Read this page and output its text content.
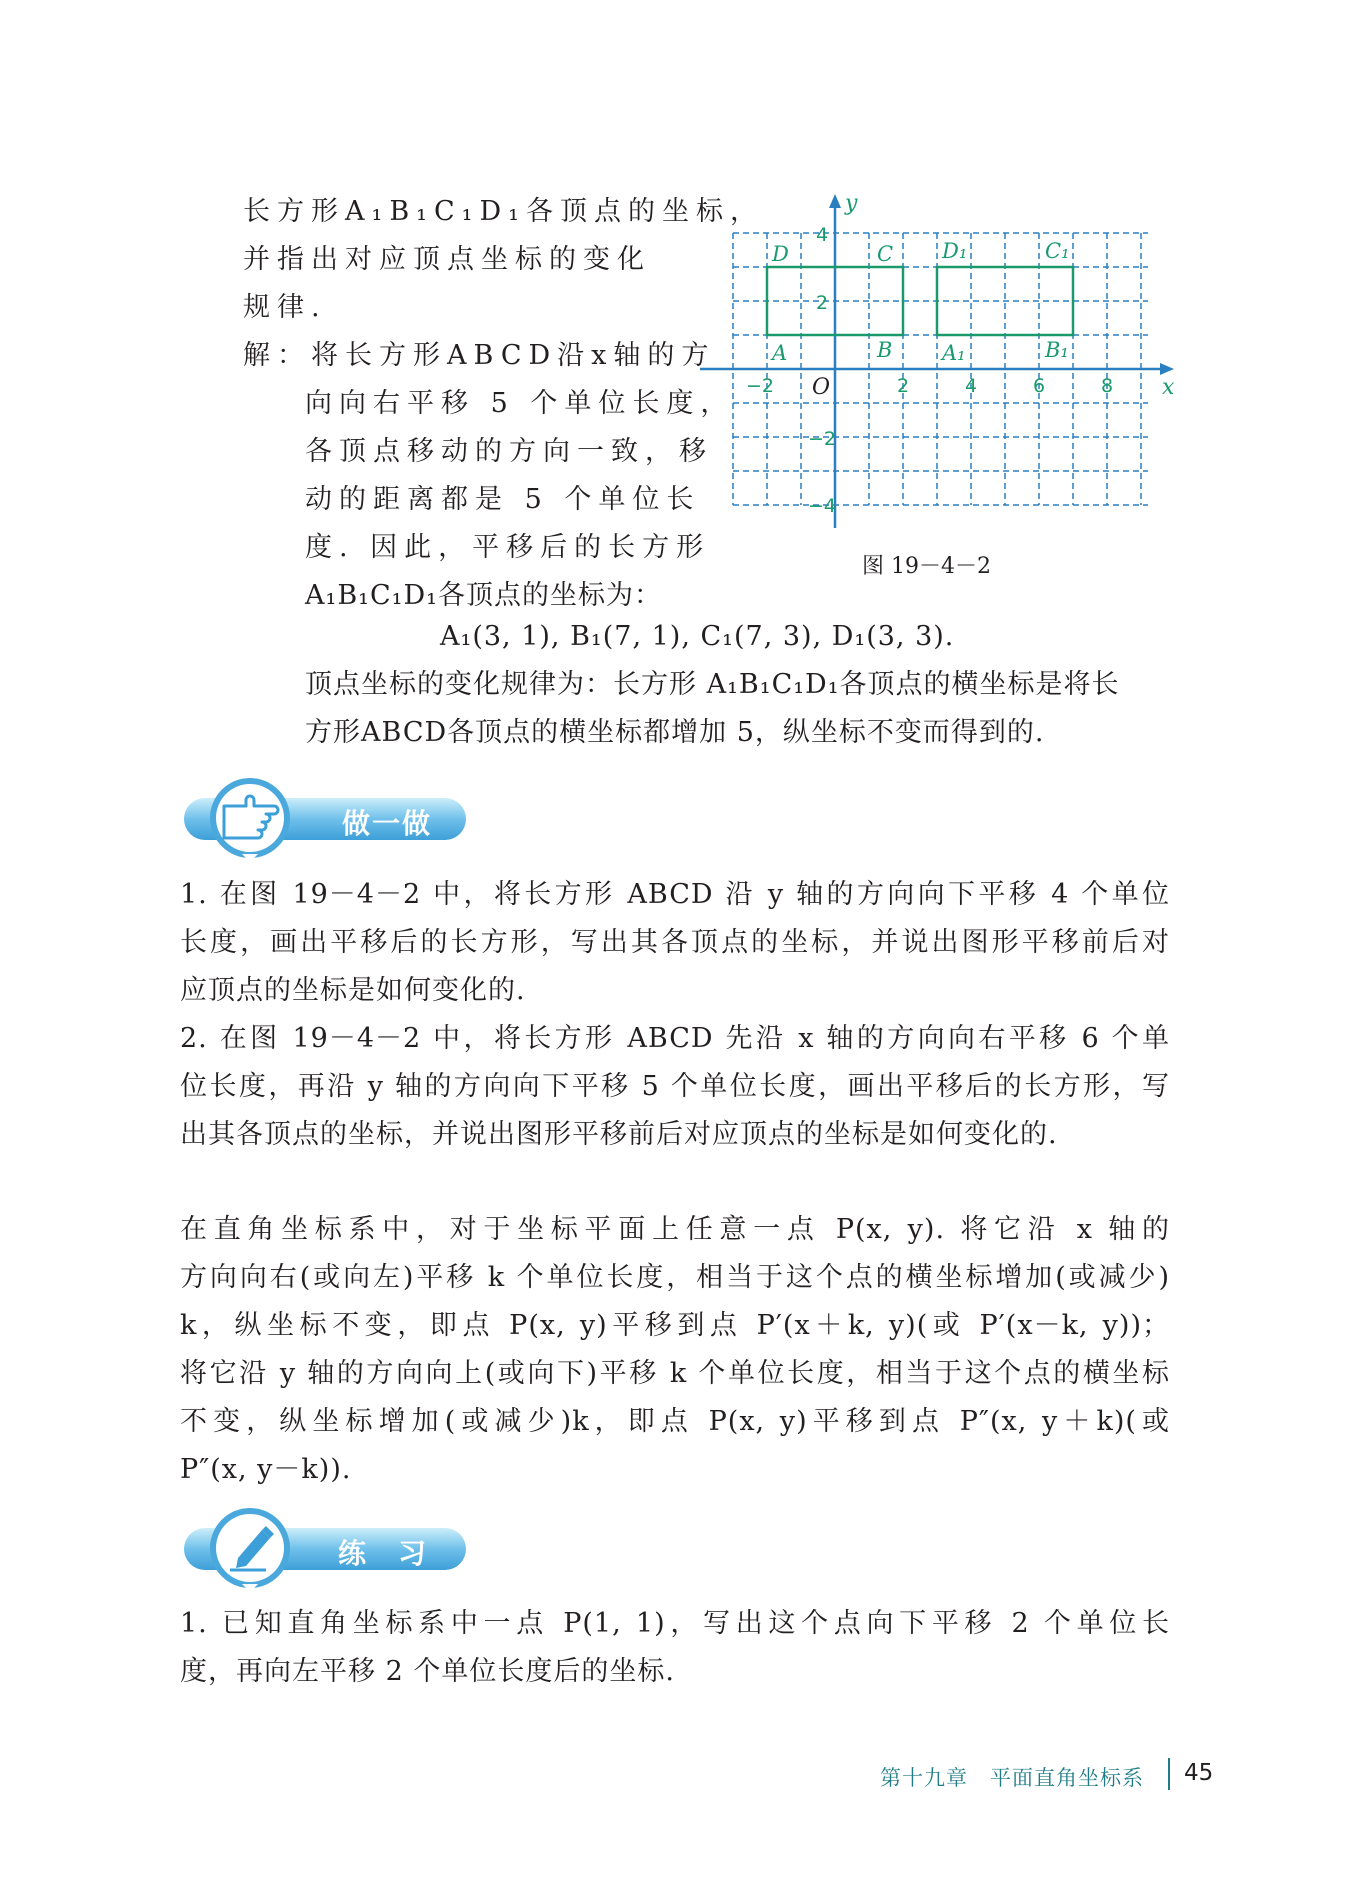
长方形A₁B₁C₁D₁各顶点的坐标，
并指出对应顶点坐标的变化
规律.
解：将长方形ABCD沿x轴的方
向向右平移 5 个单位长度，
各顶点移动的方向一致，移
动的距离都是 5 个单位长
度. 因此，平移后的长方形
A₁B₁C₁D₁各顶点的坐标为：
A₁(3, 1), B₁(7, 1), C₁(7, 3), D₁(3, 3).
顶点坐标的变化规律为：长方形 A₁B₁C₁D₁各顶点的横坐标是将长
方形ABCD各顶点的横坐标都增加 5，纵坐标不变而得到的.
x
y
O
A	B
C
D
A₁	B₁
C₁
D₁
−2	2	4	6	8
4
2
−2
−4
图 19－4－2
做一做
1. 在图 19－4－2 中，将长方形 ABCD 沿 y 轴的方向向下平移 4 个单位
长度，画出平移后的长方形，写出其各顶点的坐标，并说出图形平移前后对
应顶点的坐标是如何变化的.
2. 在图 19－4－2 中，将长方形 ABCD 先沿 x 轴的方向向右平移 6 个单
位长度，再沿 y 轴的方向向下平移 5 个单位长度，画出平移后的长方形，写
出其各顶点的坐标，并说出图形平移前后对应顶点的坐标是如何变化的.
在直角坐标系中，对于坐标平面上任意一点 P(x, y). 将它沿 x 轴的
方向向右(或向左)平移 k 个单位长度，相当于这个点的横坐标增加(或减少)
k，纵坐标不变，即点 P(x, y)平移到点 P′(x＋k, y)(或 P′(x－k, y))；
将它沿 y 轴的方向向上(或向下)平移 k 个单位长度，相当于这个点的横坐标
不变，纵坐标增加(或减少)k，即点 P(x, y)平移到点 P″(x, y＋k)(或
P″(x, y－k)).
练　习
1. 已知直角坐标系中一点 P(1, 1)，写出这个点向下平移 2 个单位长
度，再向左平移 2 个单位长度后的坐标.
第十九章　平面直角坐标系 45
